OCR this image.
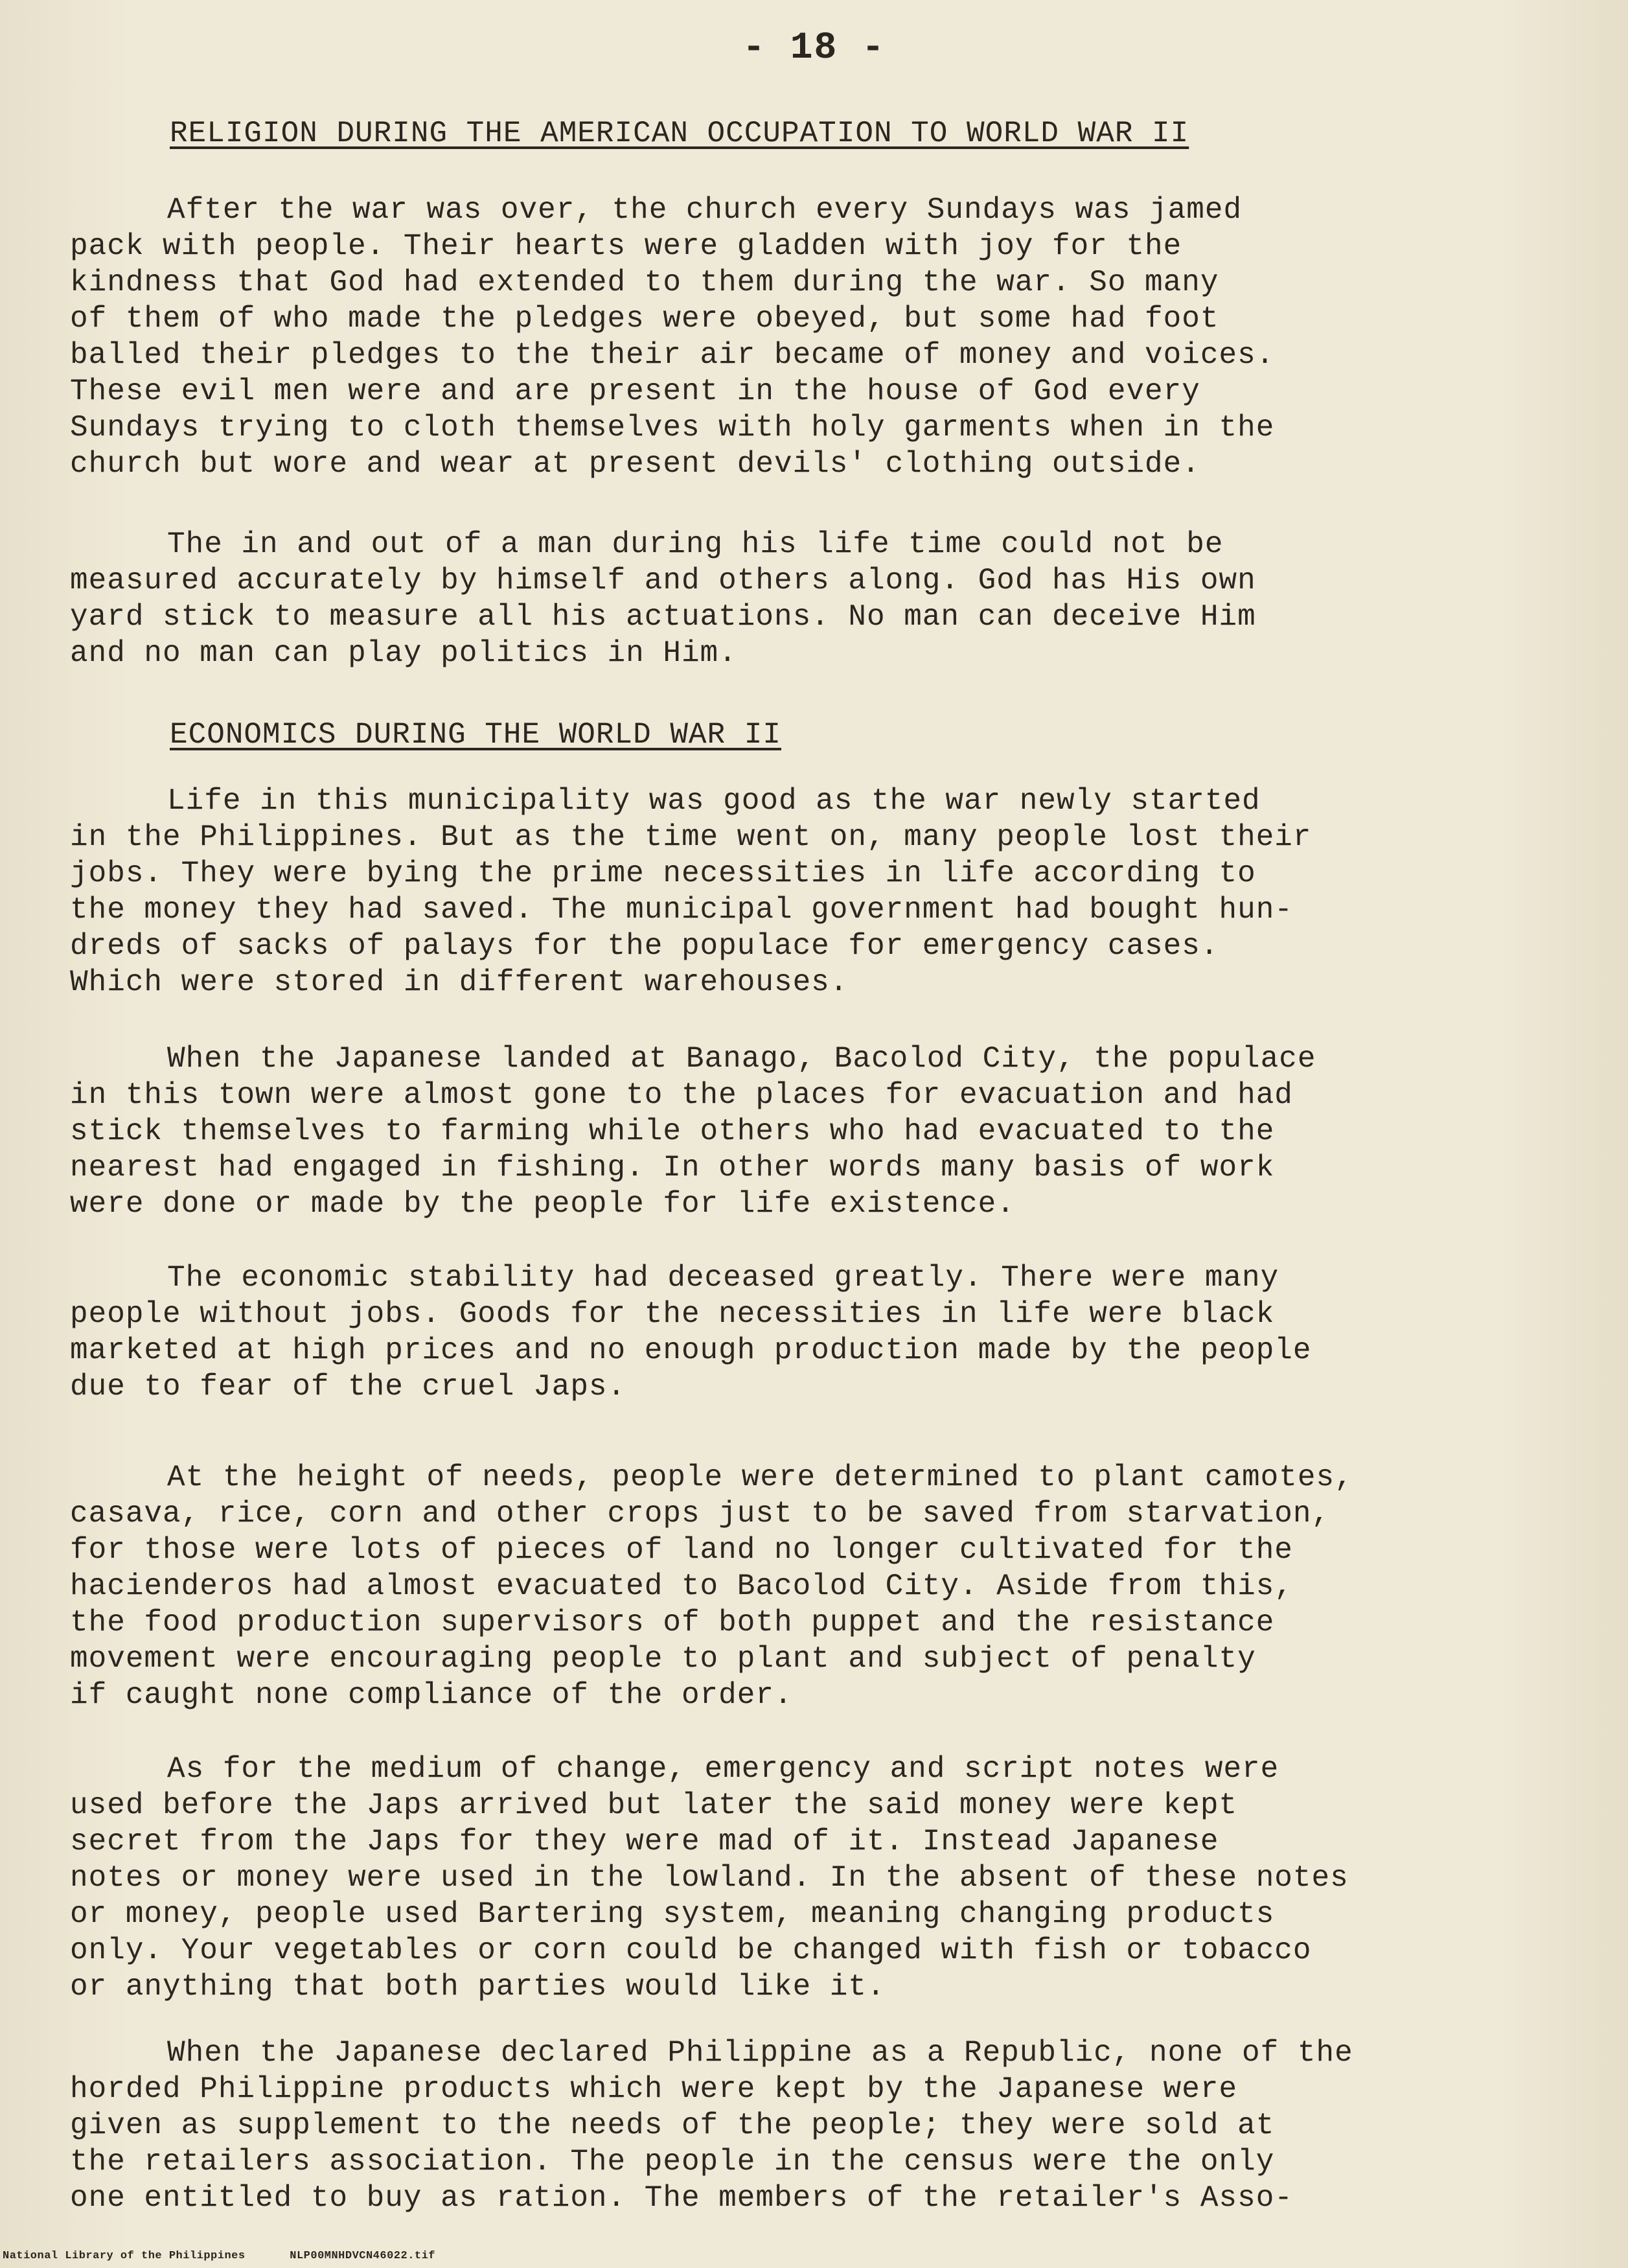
- 18 -
RELIGION DURING THE AMERICAN OCCUPATION TO WORLD WAR II
After the war was over, the church every Sundays was jamed
pack with people. Their hearts were gladden with joy for the
kindness that God had extended to them during the war. So many
of them of who made the pledges were obeyed, but some had foot
balled their pledges to the their air became of money and voices.
These evil men were and are present in the house of God every
Sundays trying to cloth themselves with holy garments when in the
church but wore and wear at present devils' clothing outside.
The in and out of a man during his life time could not be
measured accurately by himself and others along. God has His own
yard stick to measure all his actuations. No man can deceive Him
and no man can play politics in Him.
ECONOMICS DURING THE WORLD WAR II
Life in this municipality was good as the war newly started
in the Philippines. But as the time went on, many people lost their
jobs. They were bying the prime necessities in life according to
the money they had saved. The municipal government had bought hun-
dreds of sacks of palays for the populace for emergency cases.
Which were stored in different warehouses.
When the Japanese landed at Banago, Bacolod City, the populace
in this town were almost gone to the places for evacuation and had
stick themselves to farming while others who had evacuated to the
nearest had engaged in fishing. In other words many basis of work
were done or made by the people for life existence.
The economic stability had deceased greatly. There were many
people without jobs. Goods for the necessities in life were black
marketed at high prices and no enough production made by the people
due to fear of the cruel Japs.
At the height of needs, people were determined to plant camotes,
casava, rice, corn and other crops just to be saved from starvation,
for those were lots of pieces of land no longer cultivated for the
hacienderos had almost evacuated to Bacolod City. Aside from this,
the food production supervisors of both puppet and the resistance
movement were encouraging people to plant and subject of penalty
if caught none compliance of the order.
As for the medium of change, emergency and script notes were
used before the Japs arrived but later the said money were kept
secret from the Japs for they were mad of it. Instead Japanese
notes or money were used in the lowland. In the absent of these notes
or money, people used Bartering system, meaning changing products
only. Your vegetables or corn could be changed with fish or tobacco
or anything that both parties would like it.
When the Japanese declared Philippine as a Republic, none of the
horded Philippine products which were kept by the Japanese were
given as supplement to the needs of the people; they were sold at
the retailers association. The people in the census were the only
one entitled to buy as ration. The members of the retailer's Asso-
National Library of the Philippines	NLP00MNHDVCN46022.tif
